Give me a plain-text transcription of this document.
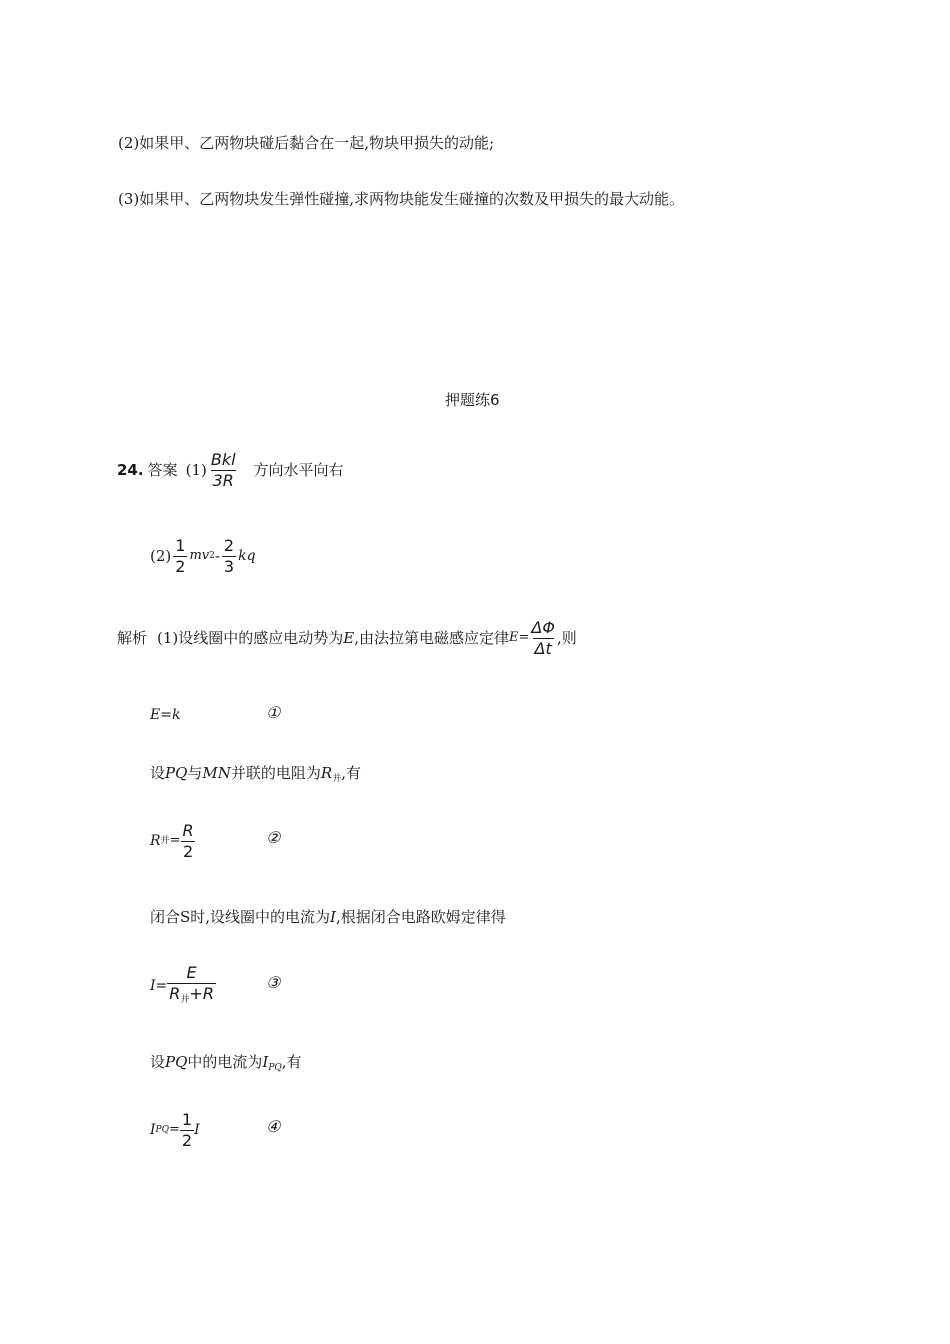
(2)如果甲、乙两物块碰后黏合在一起,物块甲损失的动能;
(3)如果甲、乙两物块发生弹性碰撞,求两物块能发生碰撞的次数及甲损失的最大动能。
押题练6
24. 答案 $(1) \frac{\text{Bkl}}{3R}$ 方向水平向右
$(2) \frac{1}{2}$ mv $2 - \frac{2}{3}$ kq
解析 (1)设线圈中的感应电动势为 E ,由法拉第电磁感应定律 $E= \frac{\Delta\Phi}{\Delta t}$ ,则
E=k	①
设PQ与MN并联的电阻为$R_并$,有
R 并 = $\frac{R}{2}$	②
闭合S时,设线圈中的电流为I,根据闭合电路欧姆定律得
$I= \frac{E}{R_并+R}$	③
设PQ中的电流为$I_{PQ}$,有
I PQ = $\frac{1}{2}$ I	④
